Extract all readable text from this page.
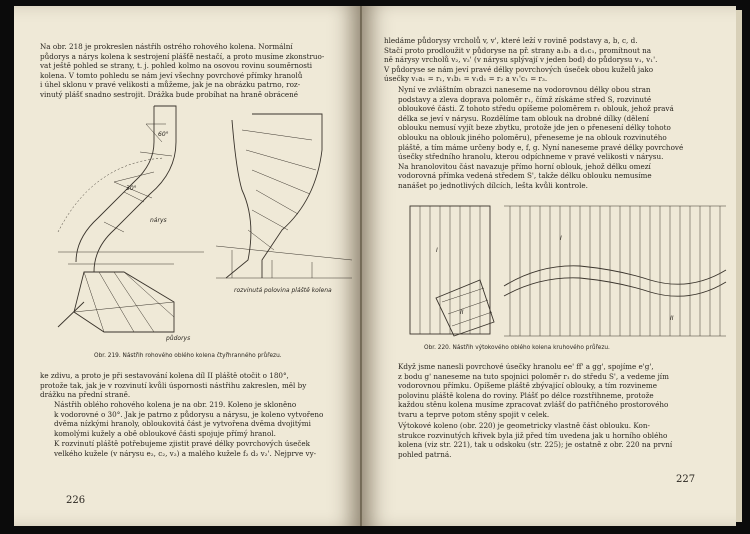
Na obr. 218 je prokreslen nástřih ostrého rohového kolena. Normální
půdorys a nárys kolena k sestrojení plášťě nestačí, a proto musíme zkonstruo-
vat ještě pohled se strany, t. j. pohled kolmo na osovou rovinu souměrnosti
kolena. V tomto pohledu se nám jeví všechny povrchové přímky hranolů
i úhel sklonu v pravé velikosti a můžeme, jak je na obrázku patrno, roz-
vinutý plášť snadno sestrojit. Drážka bude probíhat na hraně obrácené

60°
30°
nárys
půdorys
rozvinutá polovina pláště kolena
Obr. 219. Nástřih rohového oblého kolena čtyřhranného průřezu.

ke zdivu, a proto je při sestavování kolena díl II pláště otočit o 180°,
protože tak, jak je v rozvinutí kvůli úspornosti nástřihu zakreslen, měl by
drážku na přední straně.

Nástřih oblého rohového kolena je na obr. 219. Koleno je skloněno
k vodorovné o 30°. Jak je patrno z půdorysu a nárysu, je koleno vytvořeno
dvěma nízkými hranoly, obloukovitá část je vytvořena dvěma dvojitými
komolými kužely a obě obloukové části spojuje přímý hranol.

K rozvinutí pláště potřebujeme zjistit pravé délky povrchových úseček
velkého kužele (v nárysu e₂, c₂, v₂) a malého kužele f₂ d₂ v₂'. Nejprve vy-

226

hledáme půdorysy vrcholů v, v', které leží v rovině podstavy a, b, c, d.
Stačí proto prodloužit v půdoryse na př. strany a₁b₁ a d₁c₁, promítnout na
ně nárysy vrcholů v₂, v₂' (v nárysu splývají v jeden bod) do půdorysu v₁, v₁'.
V půdoryse se nám jeví pravé délky povrchových úseček obou kuželů jako
úsečky v₁a₁ = r₁, v₁b₁ = v₁d₁ = r₂ a v₁'c₁ = r₃.

Nyní ve zvláštním obrazci naneseme na vodorovnou délky obou stran
podstavy a zleva doprava poloměr r₁, čímž získáme střed S, rozvinuté
obloukové části. Z tohoto středu opíšeme poloměrem r₁ oblouk, jehož pravá
délka se jeví v nárysu. Rozdělíme tam oblouk na drobné dílky (dělení
oblouku nemusí vyjít beze zbytku, protože jde jen o přenesení délky tohoto
oblouku na oblouk jiného poloměru), přeneseme je na oblouk rozvinutého
pláště, a tím máme určeny body e, f, g. Nyní naneseme pravé délky povrchové
úsečky středního hranolu, kterou odpíchneme v pravé velikosti v nárysu.
Na hranolovitou část navazuje přímo horní oblouk, jehož délku omezí
vodorovná přímka vedená středem S', takže délku oblouku nemusíme
nanášet po jednotlivých dílcích, lešta kvůli kontrole.

I
II
I
II
Obr. 220. Nástřih výtokového oblého kolena kruhového průřezu.

Když jsme nanesli povrchové úsečky hranolu ee' ff' a gg', spojíme e'g',
z bodu g' naneseme na tuto spojnici poloměr r₁ do středu S', a vedeme jím
vodorovnou přímku. Opíšeme pláště zbývající oblouky, a tím rozvineme
polovinu pláště kolena do roviny. Plášť po délce rozstřihneme, protože
každou stěnu kolena musíme zpracovat zvlášť do patřičného prostorového
tvaru a teprve potom stěny spojit v celek.

Výtokové koleno (obr. 220) je geometricky vlastně část oblouku. Kon-
strukce rozvinutých křivek byla již před tím uvedena jak u horního oblého
kolena (viz str. 221), tak u odskoku (str. 225); je ostatně z obr. 220 na první
pohled patrná.

227
